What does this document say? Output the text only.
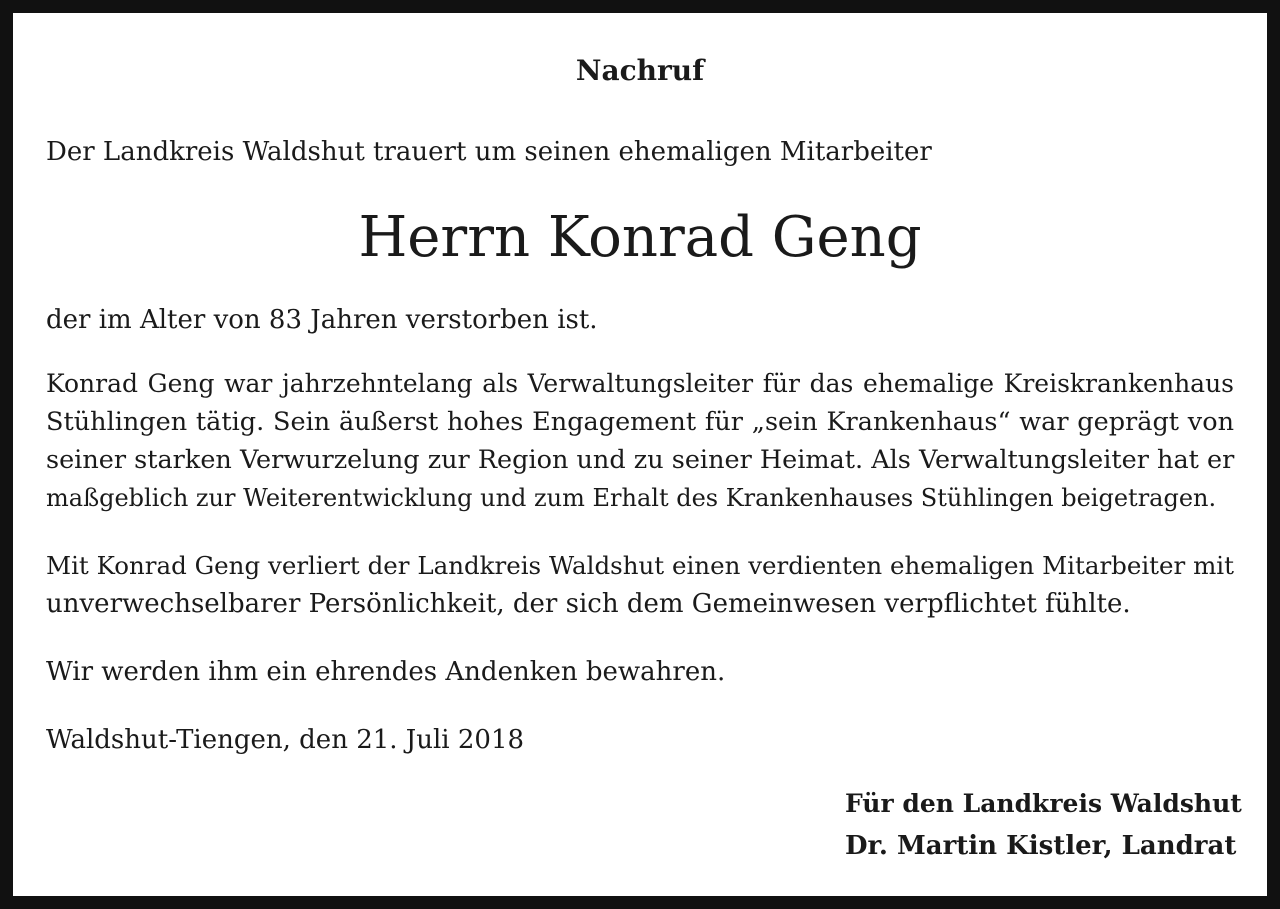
Nachruf

Der Landkreis Waldshut trauert um seinen ehemaligen Mitarbeiter

Herrn Konrad Geng

der im Alter von 83 Jahren verstorben ist.

Konrad Geng war jahrzehntelang als Verwaltungsleiter für das ehemalige Kreiskrankenhaus
Stühlingen tätig. Sein äußerst hohes Engagement für „sein Krankenhaus“ war geprägt von
seiner starken Verwurzelung zur Region und zu seiner Heimat. Als Verwaltungsleiter hat er
maßgeblich zur Weiterentwicklung und zum Erhalt des Krankenhauses Stühlingen beigetragen.
Mit Konrad Geng verliert der Landkreis Waldshut einen verdienten ehemaligen Mitarbeiter mit
unverwechselbarer Persönlichkeit, der sich dem Gemeinwesen verpflichtet fühlte.

Wir werden ihm ein ehrendes Andenken bewahren.

Waldshut-Tiengen, den 21. Juli 2018

Für den Landkreis Waldshut

Dr. Martin Kistler, Landrat
